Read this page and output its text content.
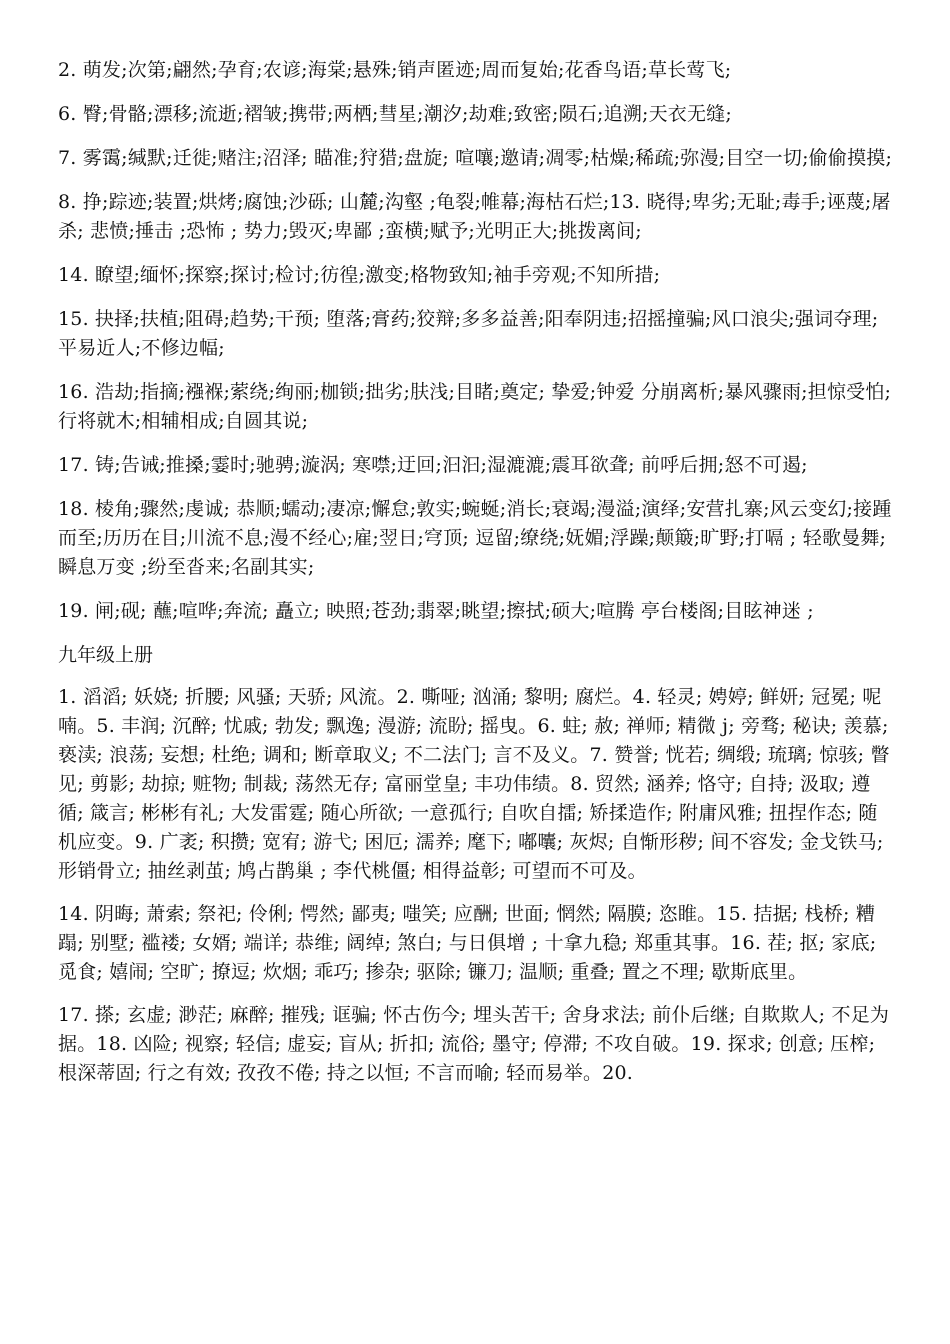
2. 萌发;次第;翩然;孕育;农谚;海棠;悬殊;销声匿迹;周而复始;花香鸟语;草长莺飞;

6. 臀;骨骼;漂移;流逝;褶皱;携带;两栖;彗星;潮汐;劫难;致密;陨石;追溯;天衣无缝;

7. 雾霭;缄默;迁徙;赌注;沼泽; 瞄准;狩猎;盘旋; 喧嚷;邀请;凋零;枯燥;稀疏;弥漫;目空一切;偷偷摸摸;

8. 挣;踪迹;装置;烘烤;腐蚀;沙砾; 山麓;沟壑 ;龟裂;帷幕;海枯石烂;13. 晓得;卑劣;无耻;毒手;诬蔑;屠杀; 悲愤;捶击 ;恐怖 ; 势力;毁灭;卑鄙 ;蛮横;赋予;光明正大;挑拨离间;

14. 瞭望;缅怀;探察;探讨;检讨;彷徨;激变;格物致知;袖手旁观;不知所措;

15. 抉择;扶植;阻碍;趋势;干预; 堕落;膏药;狡辩;多多益善;阳奉阴违;招摇撞骗;风口浪尖;强词夺理;平易近人;不修边幅;

16. 浩劫;指摘;襁褓;萦绕;绚丽;枷锁;拙劣;肤浅;目睹;奠定; 挚爱;钟爱 分崩离析;暴风骤雨;担惊受怕;行将就木;相辅相成;自圆其说;

17. 铸;告诫;推搡;霎时;驰骋;漩涡; 寒噤;迂回;汩汩;湿漉漉;震耳欲聋; 前呼后拥;怒不可遏;

18. 棱角;骤然;虔诚; 恭顺;蠕动;凄凉;懈怠;敦实;蜿蜒;消长;衰竭;漫溢;演绎;安营扎寨;风云变幻;接踵而至;历历在目;川流不息;漫不经心;雇;翌日;穹顶; 逗留;缭绕;妩媚;浮躁;颠簸;旷野;打嗝 ; 轻歌曼舞; 瞬息万变 ;纷至沓来;名副其实;

19. 闸;砚; 蘸;喧哗;奔流; 矗立; 映照;苍劲;翡翠;眺望;擦拭;硕大;喧腾 亭台楼阁;目眩神迷 ;

九年级上册

1. 滔滔; 妖娆; 折腰; 风骚; 天骄; 风流。2. 嘶哑; 汹涌; 黎明; 腐烂。4. 轻灵; 娉婷; 鲜妍; 冠冕; 呢喃。5. 丰润; 沉醉; 忧戚; 勃发; 飘逸; 漫游; 流盼; 摇曳。6. 蛀; 赦; 禅师; 精微 j; 旁骛; 秘诀; 羡慕; 亵渎; 浪荡; 妄想; 杜绝; 调和; 断章取义; 不二法门; 言不及义。7. 赞誉; 恍若; 绸缎; 琉璃; 惊骇; 瞥见; 剪影; 劫掠; 赃物; 制裁; 荡然无存; 富丽堂皇; 丰功伟绩。8. 贸然; 涵养; 恪守; 自持; 汲取; 遵循; 箴言; 彬彬有礼; 大发雷霆; 随心所欲; 一意孤行; 自吹自擂; 矫揉造作; 附庸风雅; 扭捏作态; 随机应变。9. 广袤; 积攒; 宽宥; 游弋; 困厄; 濡养; 麾下; 嘟囔; 灰烬; 自惭形秽; 间不容发; 金戈铁马; 形销骨立; 抽丝剥茧; 鸠占鹊巢 ; 李代桃僵; 相得益彰; 可望而不可及。

14. 阴晦; 萧索; 祭祀; 伶俐; 愕然; 鄙夷; 嗤笑; 应酬; 世面; 惘然; 隔膜; 恣睢。15. 拮据; 栈桥; 糟蹋; 别墅; 褴褛; 女婿; 端详; 恭维; 阔绰; 煞白; 与日俱增 ; 十拿九稳; 郑重其事。16. 茬; 抠; 家底; 觅食; 嬉闹; 空旷; 撩逗; 炊烟; 乖巧; 掺杂; 驱除; 镰刀; 温顺; 重叠; 置之不理; 歇斯底里。

17. 搽; 玄虚; 渺茫; 麻醉; 摧残; 诓骗; 怀古伤今; 埋头苦干; 舍身求法; 前仆后继; 自欺欺人; 不足为据。18. 凶险; 视察; 轻信; 虚妄; 盲从; 折扣; 流俗; 墨守; 停滞; 不攻自破。19. 探求; 创意; 压榨; 根深蒂固; 行之有效; 孜孜不倦; 持之以恒; 不言而喻; 轻而易举。20.
